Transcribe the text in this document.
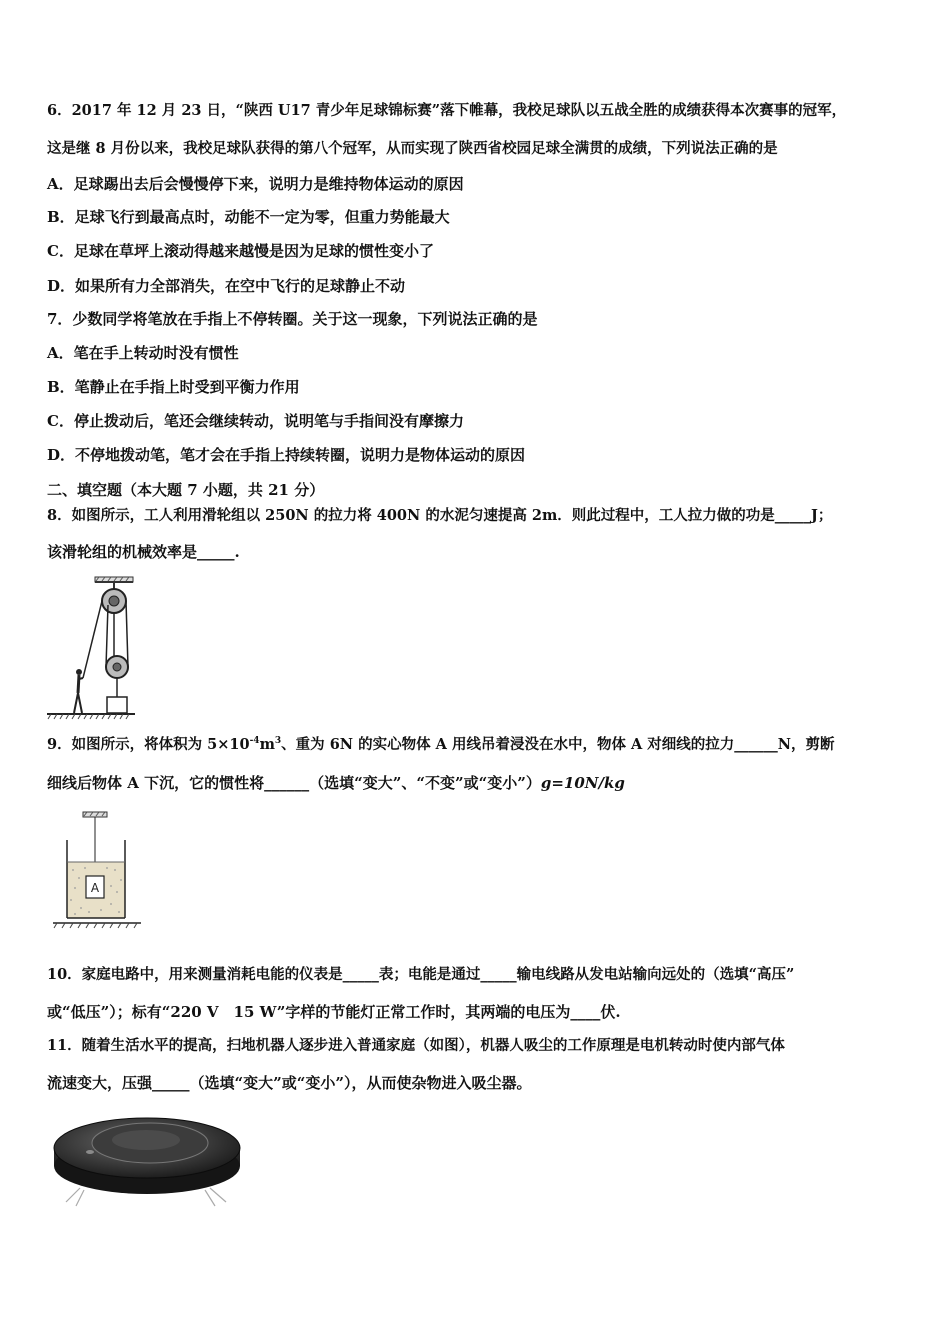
6．2017 年 12 月 23 日，“陕西 U17 青少年足球锦标赛”落下帷幕，我校足球队以五战全胜的成绩获得本次赛事的冠军，
这是继 8 月份以来，我校足球队获得的第八个冠军，从而实现了陕西省校园足球全满贯的成绩，下列说法正确的是
A．足球踢出去后会慢慢停下来，说明力是维持物体运动的原因
B．足球飞行到最高点时，动能不一定为零，但重力势能最大
C．足球在草坪上滚动得越来越慢是因为足球的惯性变小了
D．如果所有力全部消失，在空中飞行的足球静止不动
7．少数同学将笔放在手指上不停转圈。关于这一现象，下列说法正确的是
A．笔在手上转动时没有惯性
B．笔静止在手指上时受到平衡力作用
C．停止拨动后，笔还会继续转动，说明笔与手指间没有摩擦力
D．不停地拨动笔，笔才会在手指上持续转圈，说明力是物体运动的原因
二、填空题（本大题 7 小题，共 21 分）
8．如图所示，工人利用滑轮组以 250N 的拉力将 400N 的水泥匀速提高 2m．则此过程中，工人拉力做的功是_____J；
该滑轮组的机械效率是_____.
9．如图所示，将体积为 $5\times 10^{-4}m^3$、重为 6N 的实心物体 A 用线吊着浸没在水中，物体 A 对细线的拉力______N，剪断
细线后物体 A 下沉，它的惯性将______（选填“变大”、“不变”或“变小”）g=10N/kg
A
10．家庭电路中，用来测量消耗电能的仪表是_____表；电能是通过_____输电线路从发电站输向远处的（选填“高压”
或“低压”）；标有“220 V　15 W”字样的节能灯正常工作时，其两端的电压为____伏.
11．随着生活水平的提高，扫地机器人逐步进入普通家庭（如图），机器人吸尘的工作原理是电机转动时使内部气体
流速变大，压强_____（选填“变大”或“变小”），从而使杂物进入吸尘器。
